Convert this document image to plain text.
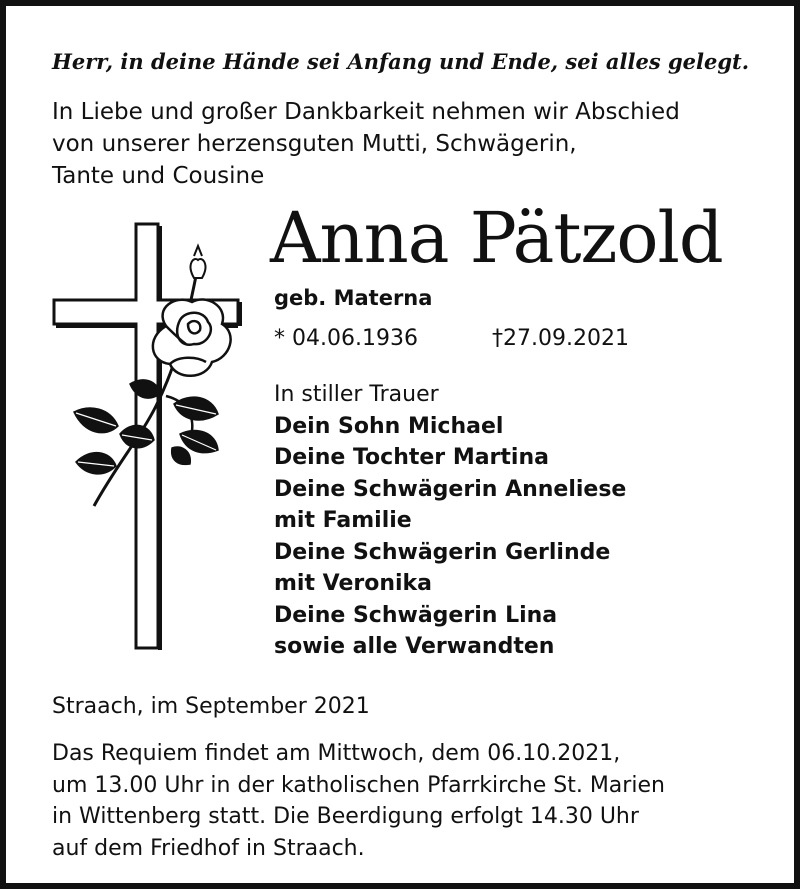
Herr, in deine Hände sei Anfang und Ende, sei alles gelegt.
In Liebe und großer Dankbarkeit nehmen wir Abschied
von unserer herzensguten Mutti, Schwägerin,
Tante und Cousine
Anna Pätzold
geb. Materna
* 04.06.1936	†27.09.2021
In stiller Trauer
Dein Sohn Michael
Deine Tochter Martina
Deine Schwägerin Anneliese
mit Familie
Deine Schwägerin Gerlinde
mit Veronika
Deine Schwägerin Lina
sowie alle Verwandten
Straach, im September 2021
Das Requiem findet am Mittwoch, dem 06.10.2021,
um 13.00 Uhr in der katholischen Pfarrkirche St. Marien
in Wittenberg statt. Die Beerdigung erfolgt 14.30 Uhr
auf dem Friedhof in Straach.
